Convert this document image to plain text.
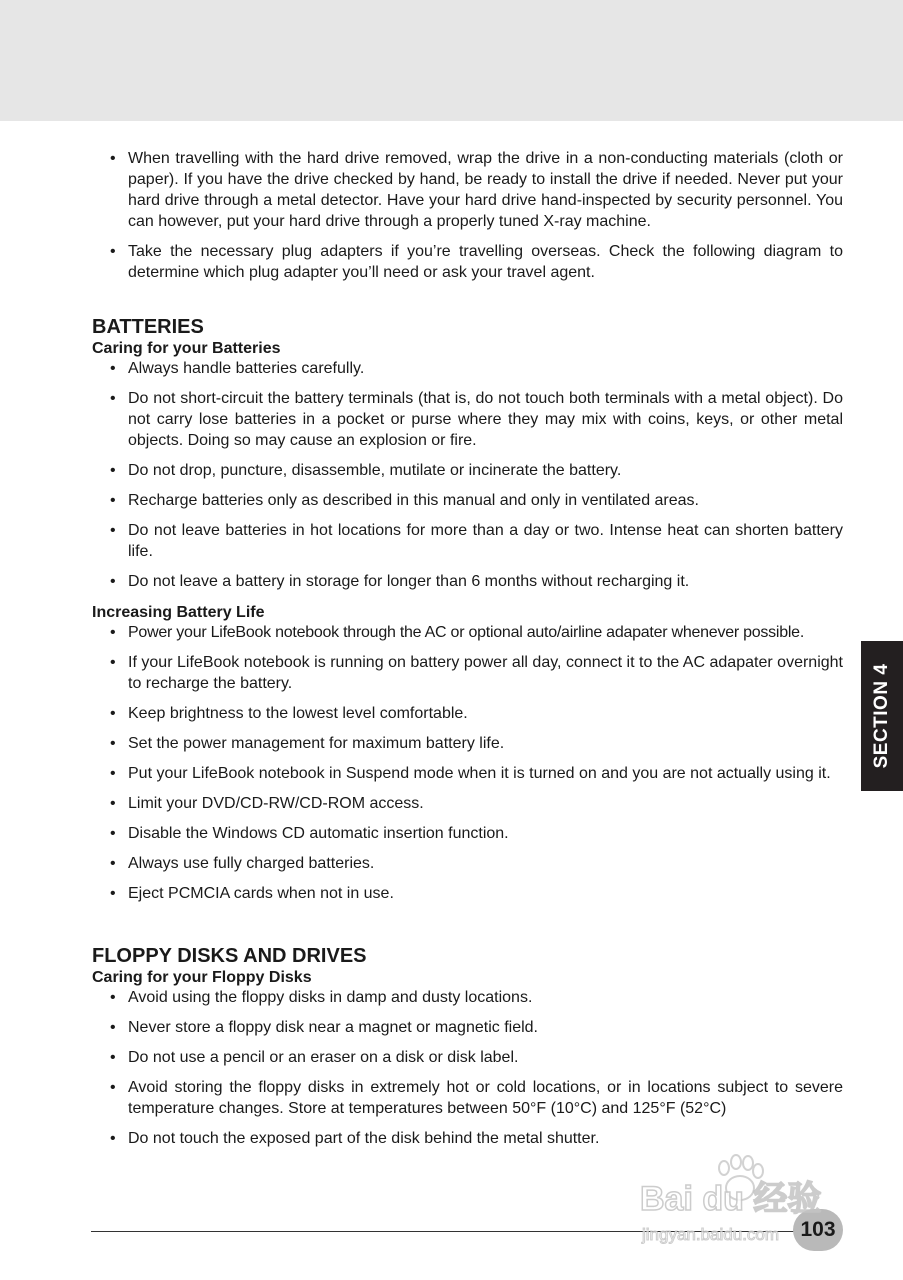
• When travelling with the hard drive removed, wrap the drive in a non-conducting materials (cloth or paper). If you have the drive checked by hand, be ready to install the drive if needed. Never put your hard drive through a metal detector. Have your hard drive hand-inspected by security personnel. You can however, put your hard drive through a properly tuned X-ray machine.
• Take the necessary plug adapters if you’re travelling overseas. Check the following diagram to determine which plug adapter you’ll need or ask your travel agent.
BATTERIES
Caring for your Batteries
• Always handle batteries carefully.
• Do not short-circuit the battery terminals (that is, do not touch both terminals with a metal object). Do not carry lose batteries in a pocket or purse where they may mix with coins, keys, or other metal objects. Doing so may cause an explosion or fire.
• Do not drop, puncture, disassemble, mutilate or incinerate the battery.
• Recharge batteries only as described in this manual and only in ventilated areas.
• Do not leave batteries in hot locations for more than a day or two. Intense heat can shorten battery life.
• Do not leave a battery in storage for longer than 6 months without recharging it.
Increasing Battery Life
• Power your LifeBook notebook through the AC or optional auto/airline adapater whenever possible.
• If your LifeBook notebook is running on battery power all day, connect it to the AC adapater overnight to recharge the battery.
• Keep brightness to the lowest level comfortable.
• Set the power management for maximum battery life.
• Put your LifeBook notebook in Suspend mode when it is turned on and you are not actually using it.
• Limit your DVD/CD-RW/CD-ROM access.
• Disable the Windows CD automatic insertion function.
• Always use fully charged batteries.
• Eject PCMCIA cards when not in use.
FLOPPY DISKS AND DRIVES
Caring for your Floppy Disks
• Avoid using the floppy disks in damp and dusty locations.
• Never store a floppy disk near a magnet or magnetic field.
• Do not use a pencil or an eraser on a disk or disk label.
• Avoid storing the floppy disks in extremely hot or cold locations, or in locations subject to severe temperature changes. Store at temperatures between 50°F (10°C) and 125°F (52°C)
• Do not touch the exposed part of the disk behind the metal shutter.
SECTION 4
103
Bai du 经验
jingyan.baidu.com
